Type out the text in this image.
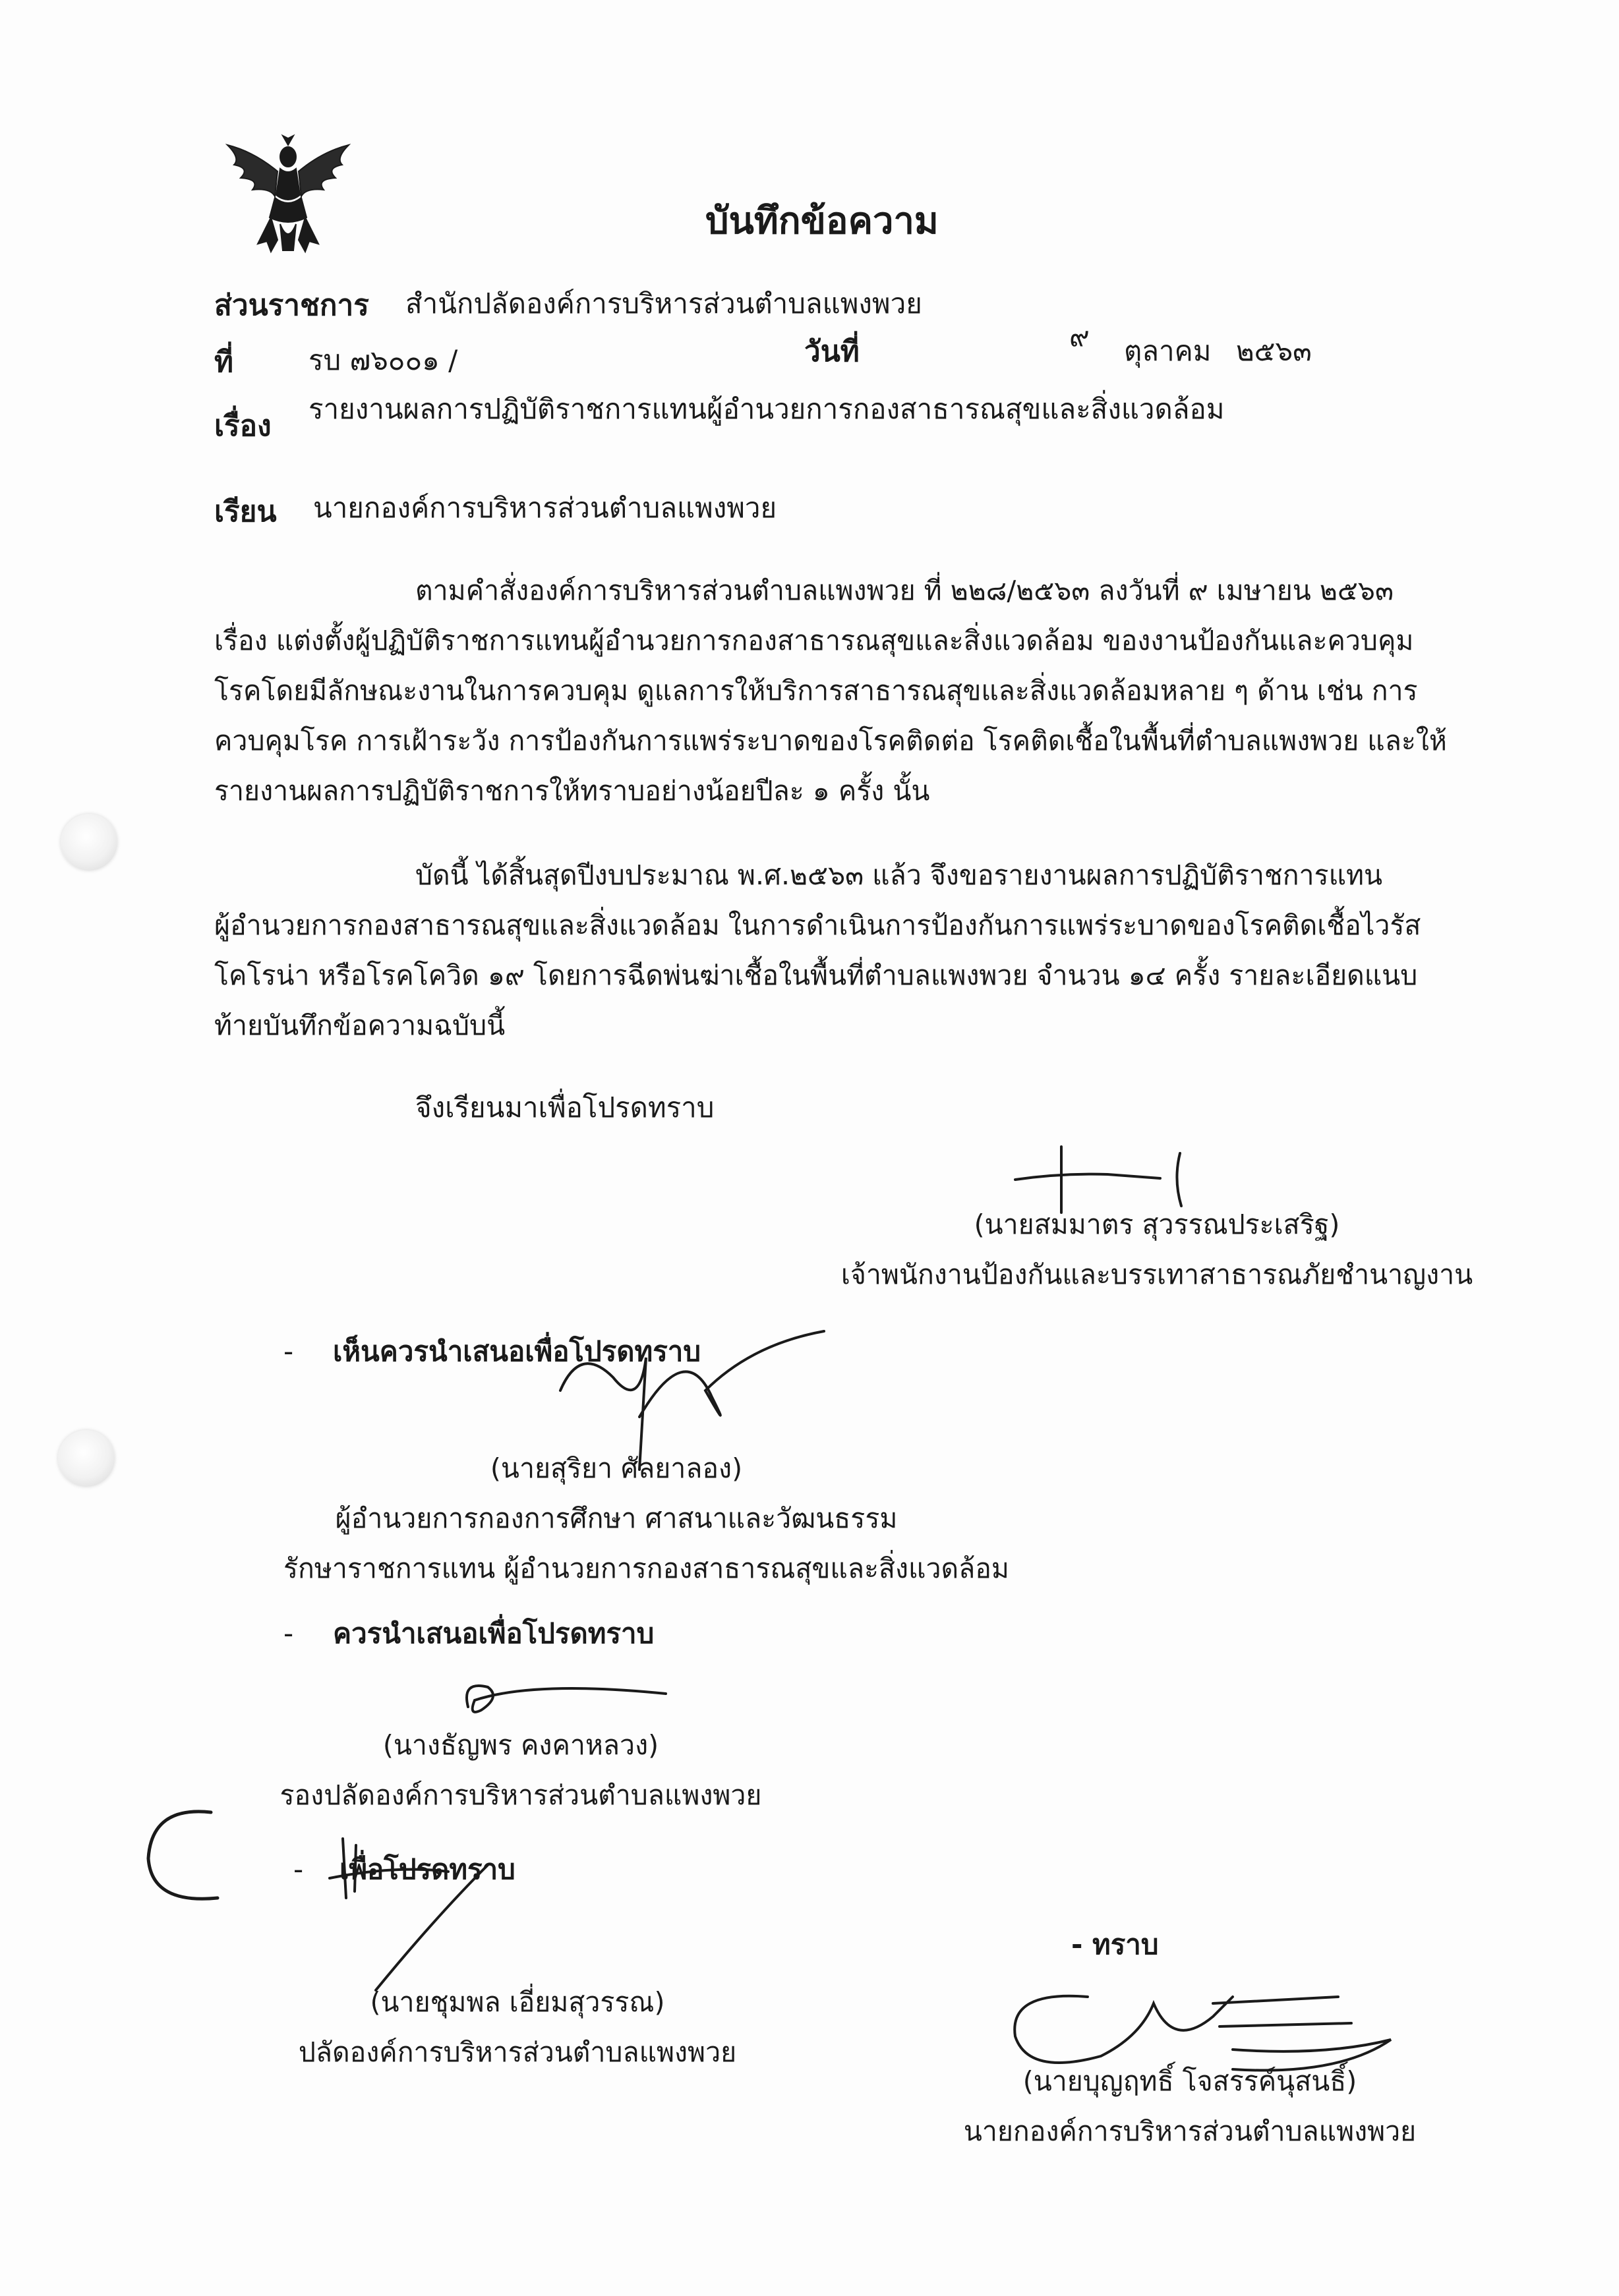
บันทึกข้อความ
ส่วนราชการ สำนักปลัดองค์การบริหารส่วนตำบลแพงพวย
ที่	รบ ๗๖๐๐๑ /	วันที่	๙ ตุลาคม ๒๕๖๓
เรื่อง
รายงานผลการปฏิบัติราชการแทนผู้อำนวยการกองสาธารณสุขและสิ่งแวดล้อม
เรียน นายกองค์การบริหารส่วนตำบลแพงพวย
ตามคำสั่งองค์การบริหารส่วนตำบลแพงพวย ที่ ๒๒๘/๒๕๖๓ ลงวันที่ ๙ เมษายน ๒๕๖๓
เรื่อง แต่งตั้งผู้ปฏิบัติราชการแทนผู้อำนวยการกองสาธารณสุขและสิ่งแวดล้อม ของงานป้องกันและควบคุม
โรคโดยมีลักษณะงานในการควบคุม ดูแลการให้บริการสาธารณสุขและสิ่งแวดล้อมหลาย ๆ ด้าน เช่น การ
ควบคุมโรค การเฝ้าระวัง การป้องกันการแพร่ระบาดของโรคติดต่อ โรคติดเชื้อในพื้นที่ตำบลแพงพวย และให้
รายงานผลการปฏิบัติราชการให้ทราบอย่างน้อยปีละ ๑ ครั้ง นั้น
บัดนี้ ได้สิ้นสุดปีงบประมาณ พ.ศ.๒๕๖๓ แล้ว จึงขอรายงานผลการปฏิบัติราชการแทน
ผู้อำนวยการกองสาธารณสุขและสิ่งแวดล้อม ในการดำเนินการป้องกันการแพร่ระบาดของโรคติดเชื้อไวรัส
โคโรน่า หรือโรคโควิด ๑๙ โดยการฉีดพ่นฆ่าเชื้อในพื้นที่ตำบลแพงพวย จำนวน ๑๔ ครั้ง รายละเอียดแนบ
ท้ายบันทึกข้อความฉบับนี้
จึงเรียนมาเพื่อโปรดทราบ
(นายสมมาตร สุวรรณประเสริฐ)
เจ้าพนักงานป้องกันและบรรเทาสาธารณภัยชำนาญงาน
- เห็นควรนำเสนอเพื่อโปรดทราบ
(นายสุริยา ศัลยาลอง)
ผู้อำนวยการกองการศึกษา ศาสนาและวัฒนธรรม
รักษาราชการแทน ผู้อำนวยการกองสาธารณสุขและสิ่งแวดล้อม
- ควรนำเสนอเพื่อโปรดทราบ
(นางธัญพร คงคาหลวง)
รองปลัดองค์การบริหารส่วนตำบลแพงพวย
- เพื่อโปรดทราบ
(นายชุมพล เอี่ยมสุวรรณ)
ปลัดองค์การบริหารส่วนตำบลแพงพวย
- ทราบ
(นายบุญฤทธิ์ โจสรรค์นุสนธิ์)
นายกองค์การบริหารส่วนตำบลแพงพวย
